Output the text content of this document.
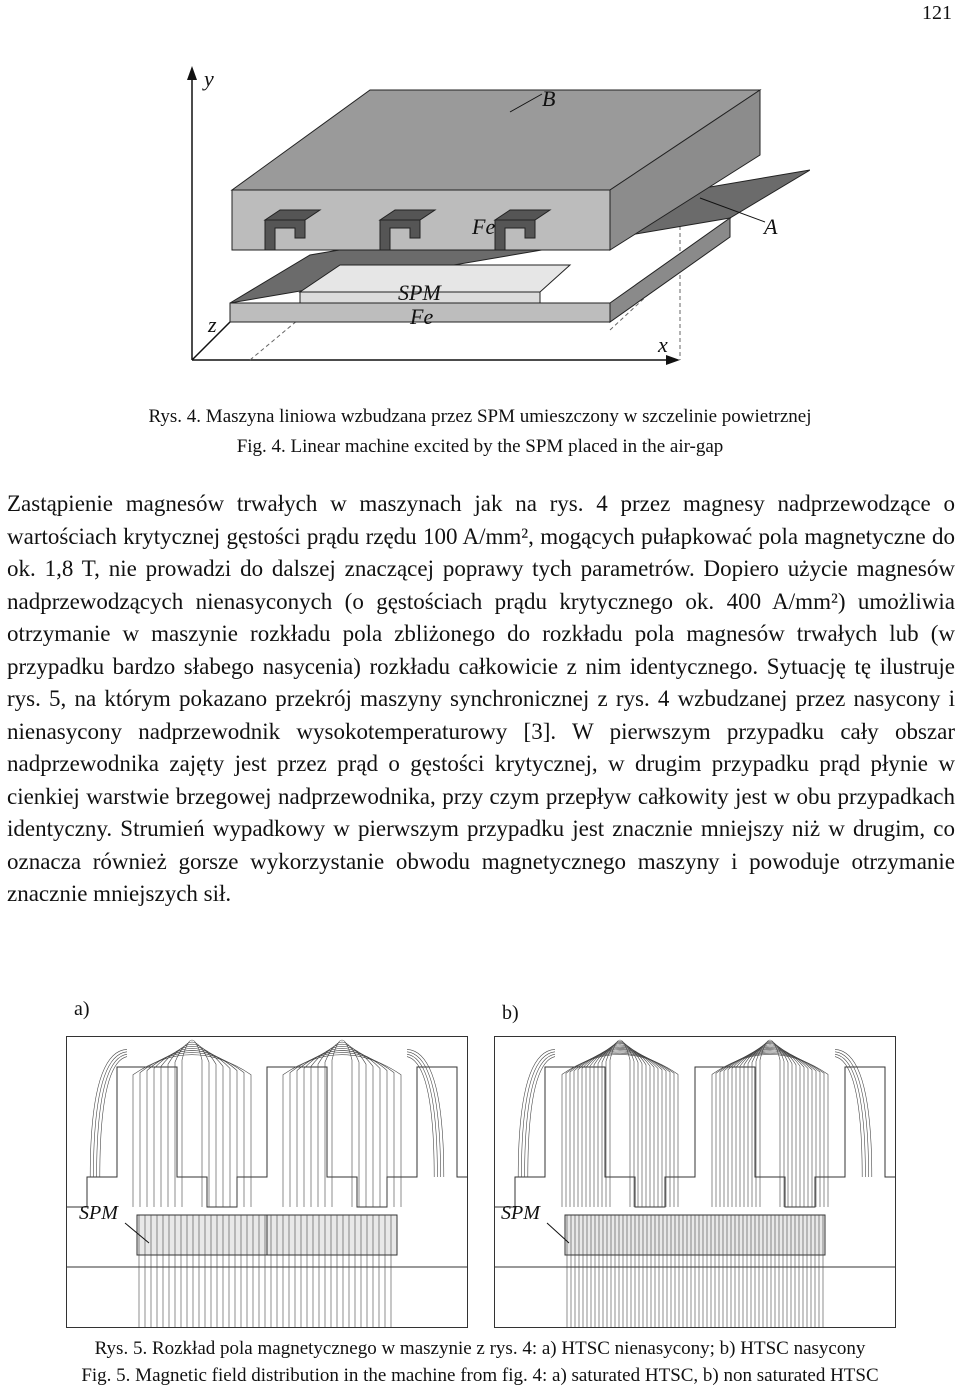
121
y
x
z
B
A
Fe
SPM
Fe
Rys. 4. Maszyna liniowa wzbudzana przez SPM umieszczony w szczelinie powietrznej
Fig. 4. Linear machine excited by the SPM placed in the air-gap

Zastąpienie magnesów trwałych w maszynach jak na rys. 4 przez magnesy nadprzewodzące o wartościach krytycznej gęstości prądu rzędu 100 A/mm², mogących pułapkować pola magnetyczne do ok. 1,8 T, nie prowadzi do dalszej znaczącej poprawy tych parametrów. Dopiero użycie magnesów nadprzewodzących nienasyconych (o gęstościach prądu krytycznego ok. 400 A/mm²) umożliwia otrzymanie w maszynie rozkładu pola zbliżonego do rozkładu pola magnesów trwałych lub (w przypadku bardzo słabego nasycenia) rozkładu całkowicie z nim identycznego. Sytuację tę ilustruje rys. 5, na którym pokazano przekrój maszyny synchronicznej z rys. 4 wzbudzanej przez nasycony i nienasycony nadprzewodnik wysokotemperaturowy [3]. W pierwszym przypadku cały obszar nadprzewodnika zajęty jest przez prąd o gęstości krytycznej, w drugim przypadku prąd płynie w cienkiej warstwie brzegowej nadprzewodnika, przy czym przepływ całkowity jest w obu przypadkach identyczny. Strumień wypadkowy w pierwszym przypadku jest znacznie mniejszy niż w drugim, co oznacza również gorsze wykorzystanie obwodu magnetycznego maszyny i powoduje otrzymanie znacznie mniejszych sił.

a)	b)
SPM	SPM
Rys. 5. Rozkład pola magnetycznego w maszynie z rys. 4: a) HTSC nienasycony; b) HTSC nasycony
Fig. 5. Magnetic field distribution in the machine from fig. 4: a) saturated HTSC, b) non saturated HTSC
